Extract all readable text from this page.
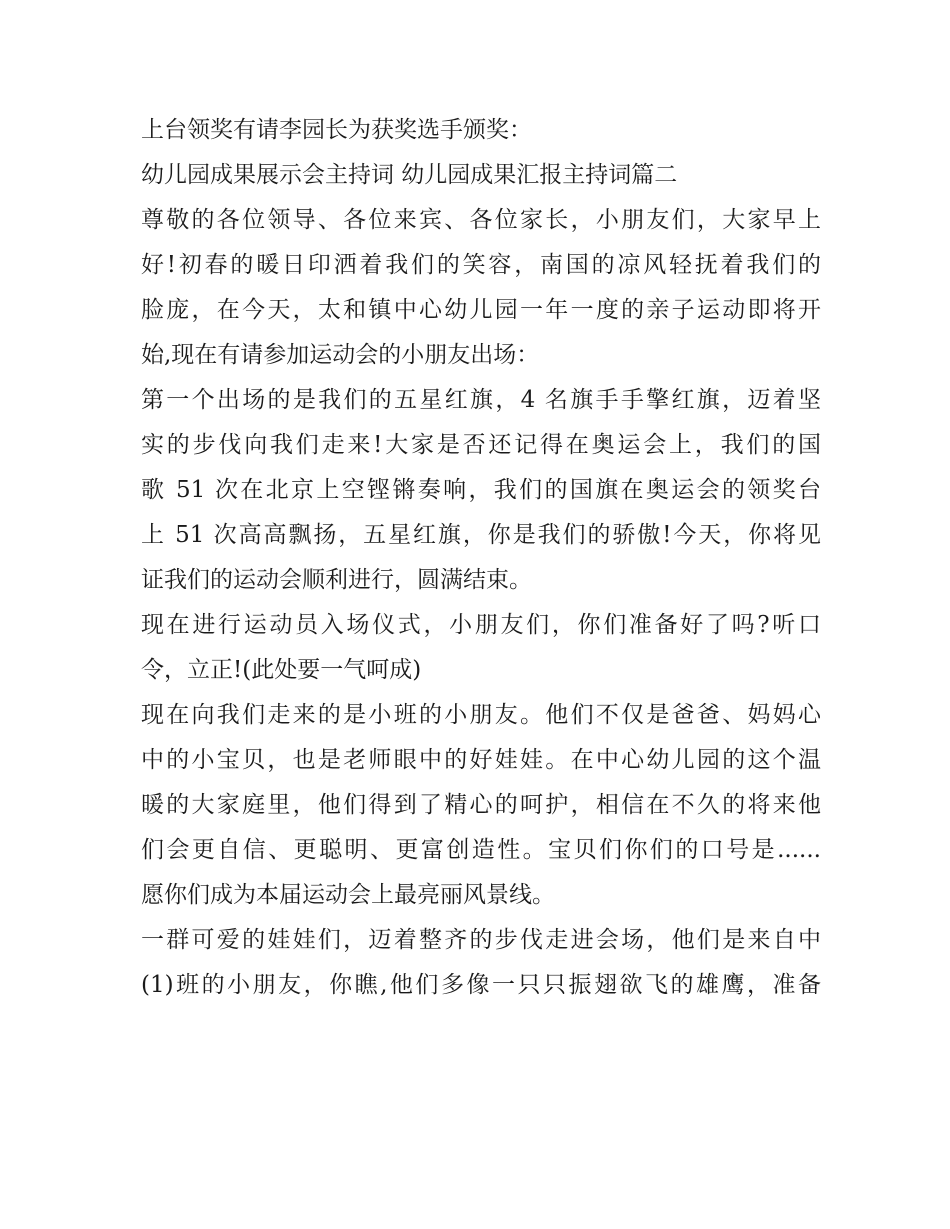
上台领奖有请李园长为获奖选手颁奖：
幼儿园成果展示会主持词 幼儿园成果汇报主持词篇二
尊敬的各位领导、各位来宾、各位家长，小朋友们，大家早上
好!初春的暖日印洒着我们的笑容，南国的凉风轻抚着我们的
脸庞，在今天，太和镇中心幼儿园一年一度的亲子运动即将开
始,现在有请参加运动会的小朋友出场：
第一个出场的是我们的五星红旗，4 名旗手手擎红旗，迈着坚
实的步伐向我们走来!大家是否还记得在奥运会上，我们的国
歌 51 次在北京上空铿锵奏响，我们的国旗在奥运会的领奖台
上 51 次高高飘扬，五星红旗，你是我们的骄傲!今天，你将见
证我们的运动会顺利进行，圆满结束。
现在进行运动员入场仪式，小朋友们，你们准备好了吗?听口
令，立正!(此处要一气呵成)
现在向我们走来的是小班的小朋友。他们不仅是爸爸、妈妈心
中的小宝贝，也是老师眼中的好娃娃。在中心幼儿园的这个温
暖的大家庭里，他们得到了精心的呵护，相信在不久的将来他
们会更自信、更聪明、更富创造性。宝贝们你们的口号是......
愿你们成为本届运动会上最亮丽风景线。
一群可爱的娃娃们，迈着整齐的步伐走进会场，他们是来自中
(1)班的小朋友，你瞧,他们多像一只只振翅欲飞的雄鹰，准备
